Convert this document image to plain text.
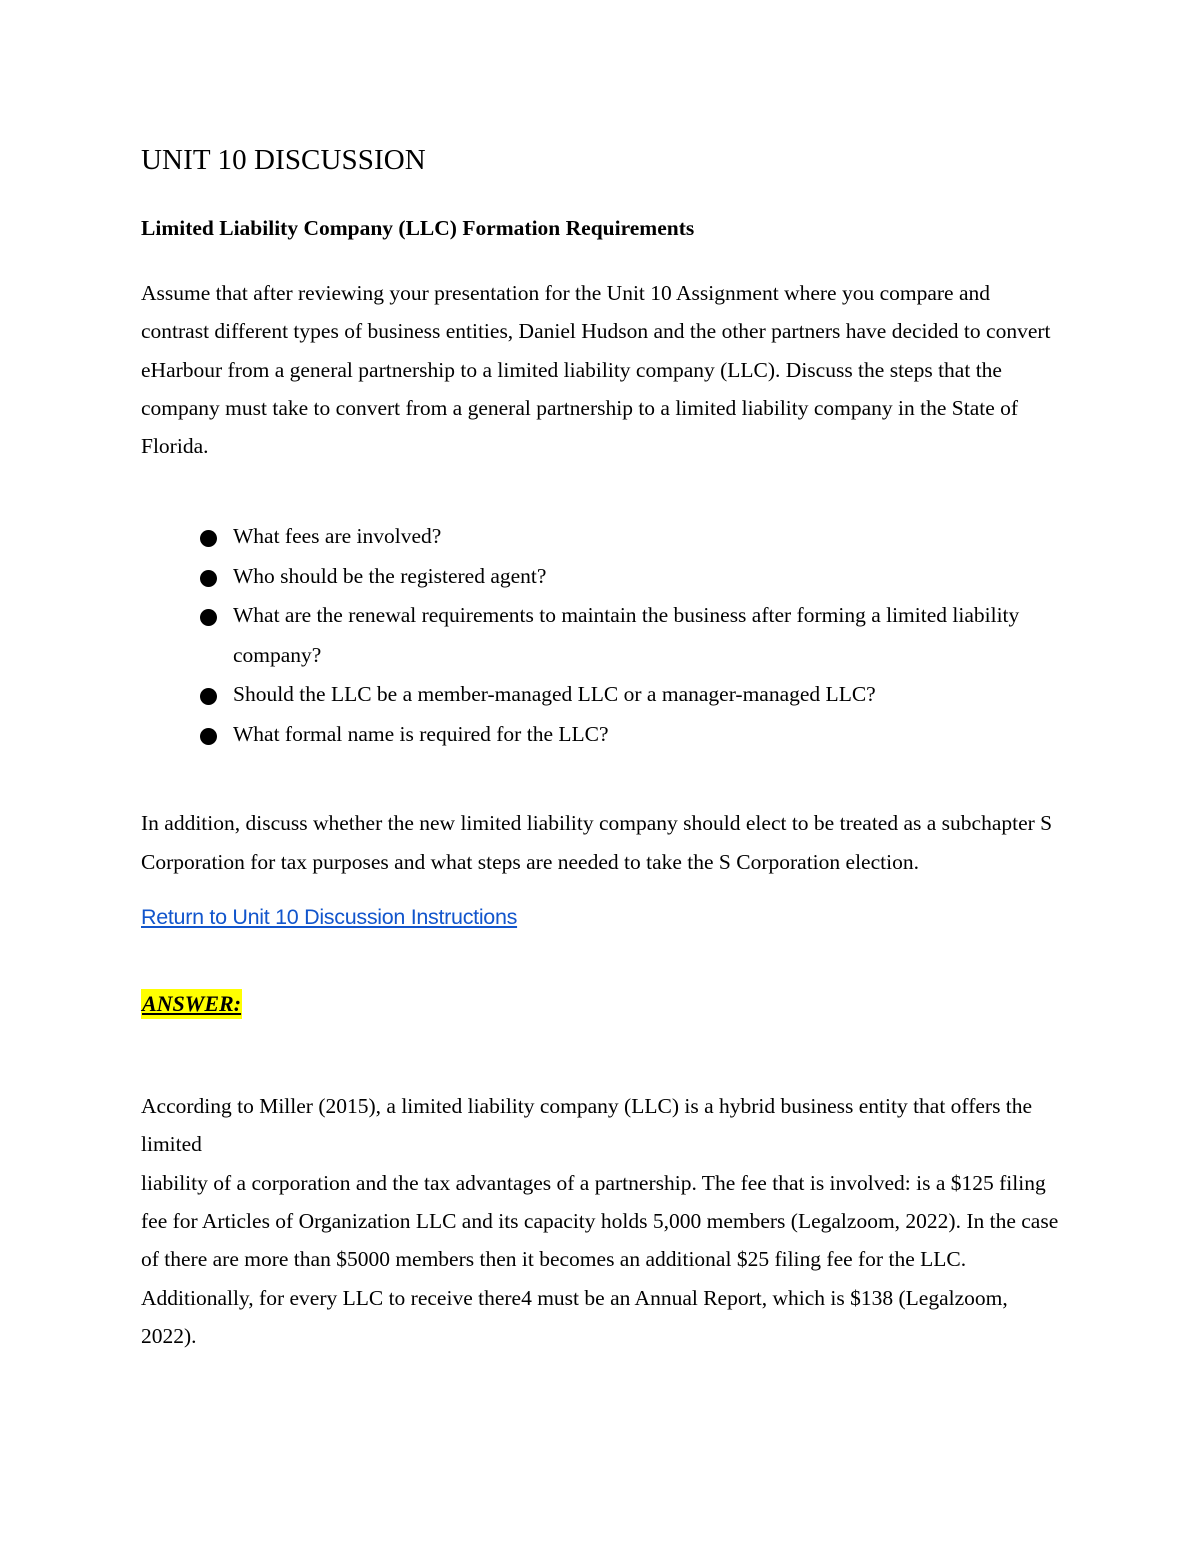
UNIT 10 DISCUSSION

Limited Liability Company (LLC) Formation Requirements

Assume that after reviewing your presentation for the Unit 10 Assignment where you compare and contrast different types of business entities, Daniel Hudson and the other partners have decided to convert eHarbour from a general partnership to a limited liability company (LLC). Discuss the steps that the company must take to convert from a general partnership to a limited liability company in the State of Florida.

What fees are involved?
Who should be the registered agent?
What are the renewal requirements to maintain the business after forming a limited liability company?
Should the LLC be a member-managed LLC or a manager-managed LLC?
What formal name is required for the LLC?

In addition, discuss whether the new limited liability company should elect to be treated as a subchapter S Corporation for tax purposes and what steps are needed to take the S Corporation election.

Return to Unit 10 Discussion Instructions
ANSWER:
According to Miller (2015), a limited liability company (LLC) is a hybrid business entity that offers the limited
liability of a corporation and the tax advantages of a partnership. The fee that is involved: is a $125 filing fee for Articles of Organization LLC and its capacity holds 5,000 members (Legalzoom, 2022). In the case of there are more than $5000 members then it becomes an additional $25 filing fee for the LLC. Additionally, for every LLC to receive there4 must be an Annual Report, which is $138 (Legalzoom, 2022).
